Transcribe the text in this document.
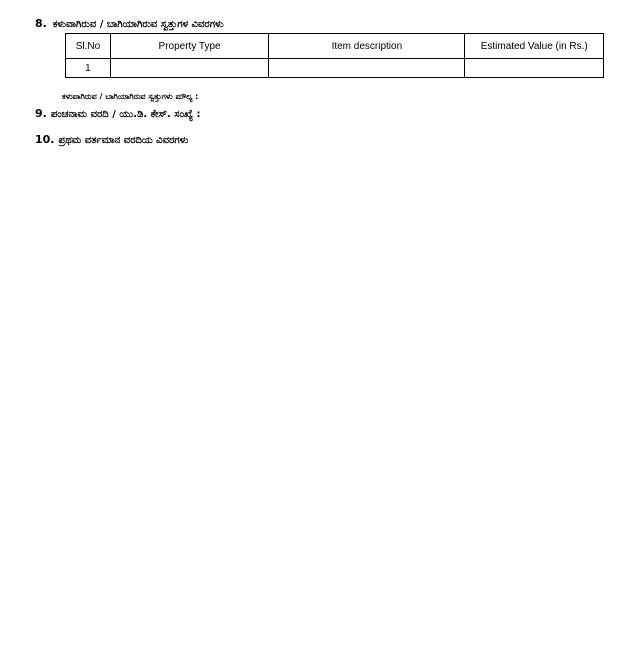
8. ಕಳುವಾಗಿರುವ / ಬಾಗಿಯಾಗಿರುವ ಸ್ವತ್ತುಗಳ ವಿವರಗಳು
Sl.No	Property Type	Item description	Estimated Value (in Rs.)
1			
ಕಳುವಾಗಿರುವ / ಬಾಗಿಯಾಗಿರುವ ಸ್ವತ್ತುಗಳು ಮೌಲ್ಯ :
9. ಪಂಚನಾಮ ವರದಿ / ಯು.ಡಿ. ಕೇಸ್. ಸಂಖ್ಯೆ :
10. ಪ್ರಥಮ ವರ್ತಮಾನ ವರದಿಯ ವಿವರಗಳು
